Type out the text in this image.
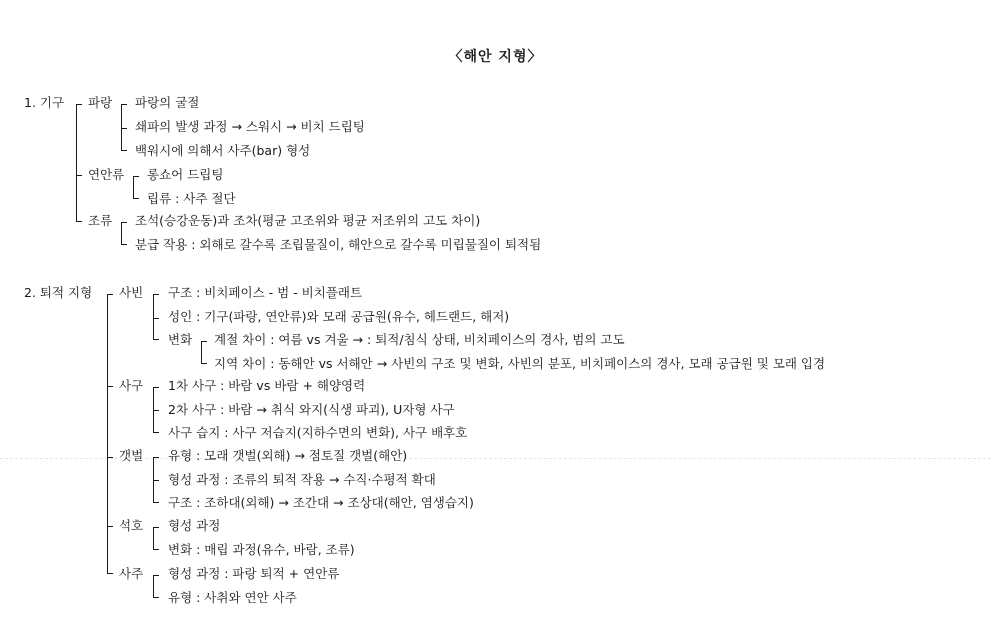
〈해안 지형〉
1. 기구 파랑 파랑의 굴절
쇄파의 발생 과정 → 스워시 → 비치 드립팅
백워시에 의해서 사주(bar) 형성
연안류 롱쇼어 드립팅
립류 : 사주 절단
조류 조석(승강운동)과 조차(평균 고조위와 평균 저조위의 고도 차이)
분급 작용 : 외해로 갈수록 조립물질이, 해안으로 갈수록 미립물질이 퇴적됨
2. 퇴적 지형 사빈 구조 : 비치페이스 - 범 - 비치플래트
성인 : 기구(파랑, 연안류)와 모래 공급원(유수, 헤드랜드, 해저)
변화 계절 차이 : 여름 vs 겨울 → : 퇴적/침식 상태, 비치페이스의 경사, 범의 고도
지역 차이 : 동해안 vs 서해안 → 사빈의 구조 및 변화, 사빈의 분포, 비치페이스의 경사, 모래 공급원 및 모래 입경
사구 1차 사구 : 바람 vs 바람 + 해양영력
2차 사구 : 바람 → 취식 와지(식생 파괴), U자형 사구
사구 습지 : 사구 저습지(지하수면의 변화), 사구 배후호
갯벌 유형 : 모래 갯벌(외해) → 점토질 갯벌(해안)
형성 과정 : 조류의 퇴적 작용 → 수직·수평적 확대
구조 : 조하대(외해) → 조간대 → 조상대(해안, 염생습지)
석호 형성 과정
변화 : 매립 과정(유수, 바람, 조류)
사주 형성 과정 : 파랑 퇴적 + 연안류
유형 : 사취와 연안 사주
